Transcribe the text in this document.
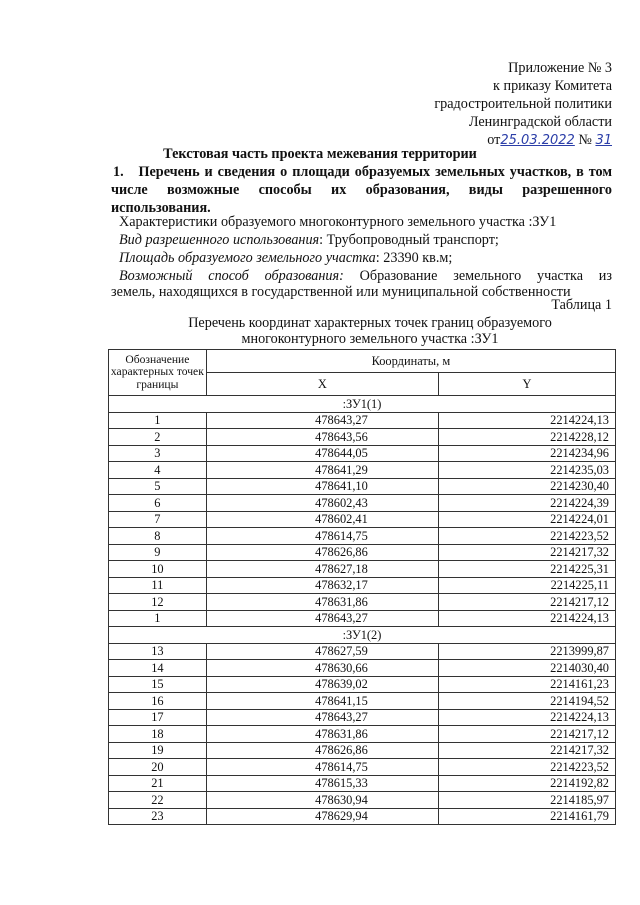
Приложение № 3
к приказу Комитета
градостроительной политики
Ленинградской области
от25.03.2022 № 31
Текстовая часть проекта межевания территории
1. Перечень и сведения о площади образуемых земельных участков, в том числе возможные способы их образования, виды разрешенного использования.
Характеристики образуемого многоконтурного земельного участка :ЗУ1
Вид разрешенного использования: Трубопроводный транспорт;
Площадь образуемого земельного участка: 23390 кв.м;
Возможный способ образования: Образование земельного участка из
земель, находящихся в государственной или муниципальной собственности
Таблица 1
Перечень координат характерных точек границ образуемого
многоконтурного земельного участка :ЗУ1
Обозначение характерных точек границы	Координаты, м	
	X	Y
:ЗУ1(1)		
1	478643,27	2214224,13
2	478643,56	2214228,12
3	478644,05	2214234,96
4	478641,29	2214235,03
5	478641,10	2214230,40
6	478602,43	2214224,39
7	478602,41	2214224,01
8	478614,75	2214223,52
9	478626,86	2214217,32
10	478627,18	2214225,31
11	478632,17	2214225,11
12	478631,86	2214217,12
1	478643,27	2214224,13
:ЗУ1(2)		
13	478627,59	2213999,87
14	478630,66	2214030,40
15	478639,02	2214161,23
16	478641,15	2214194,52
17	478643,27	2214224,13
18	478631,86	2214217,12
19	478626,86	2214217,32
20	478614,75	2214223,52
21	478615,33	2214192,82
22	478630,94	2214185,97
23	478629,94	2214161,79
